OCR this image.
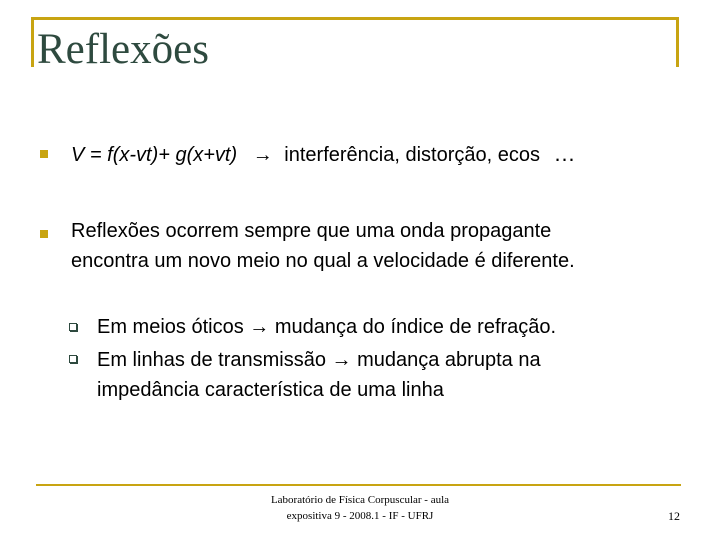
Reflexões
V = f(x-vt)+ g(x+vt) → interferência, distorção, ecos …
Reflexões ocorrem sempre que uma onda propagante
encontra um novo meio no qual a velocidade é diferente.
Em meios óticos → mudança do índice de refração.
Em linhas de transmissão → mudança abrupta na
impedância característica de uma linha
Laboratório de Física Corpuscular - aula
expositiva 9 - 2008.1 - IF - UFRJ	12
